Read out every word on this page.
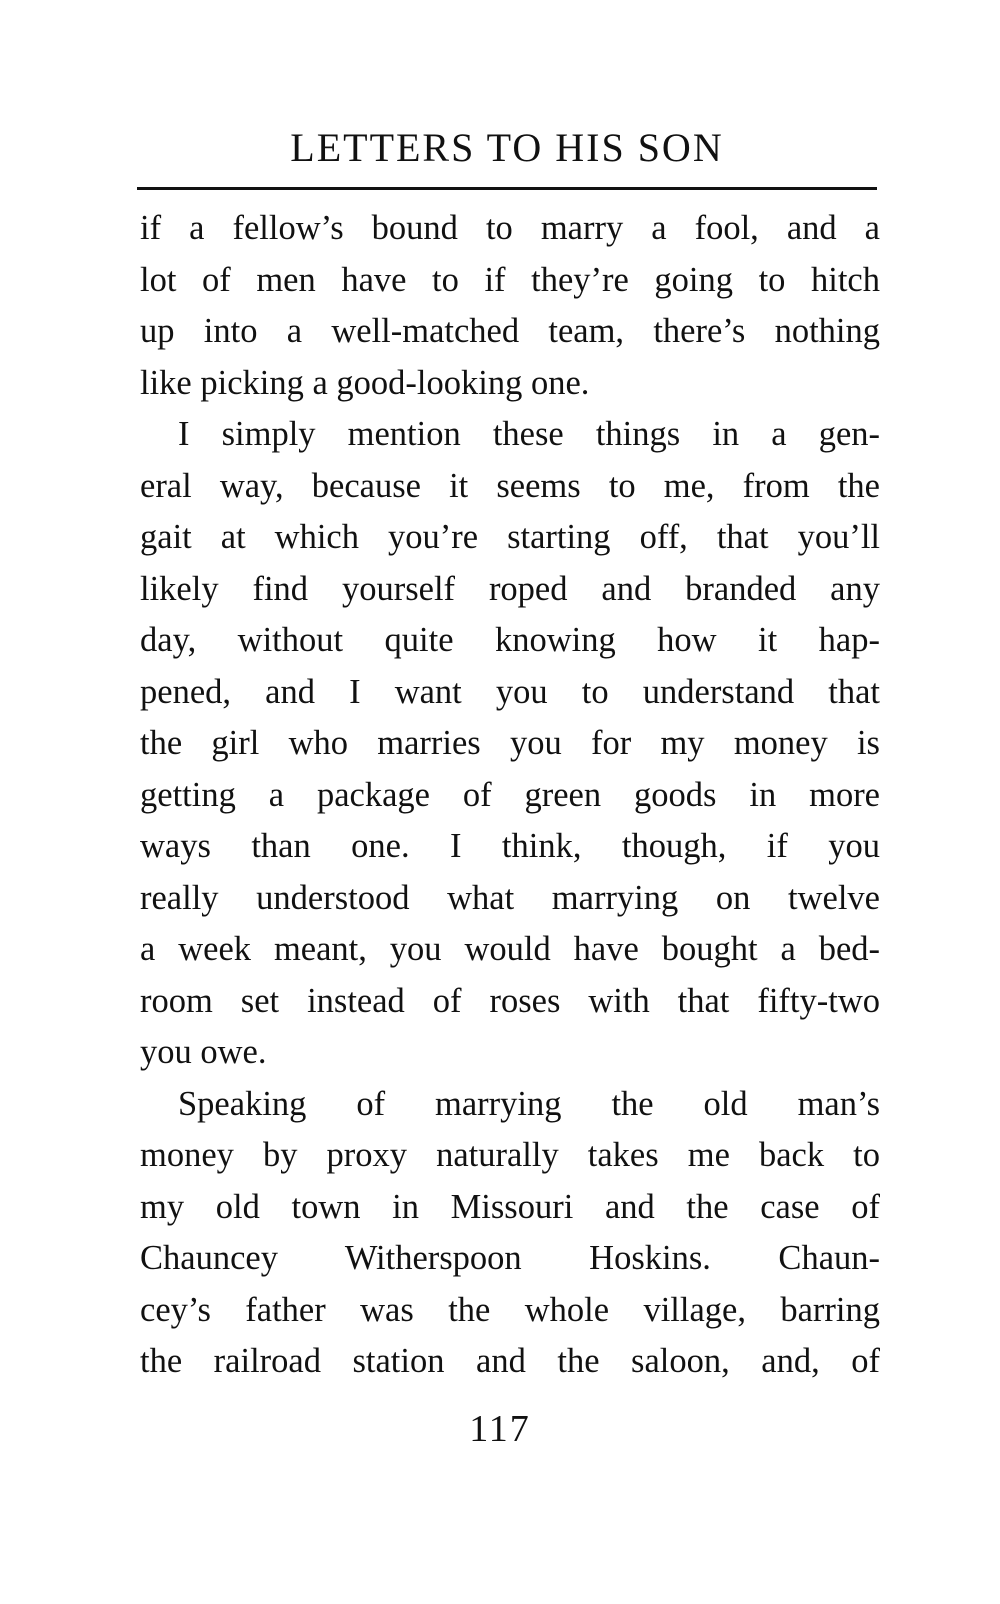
LETTERS TO HIS SON
if a fellow’s bound to marry a fool, and a
lot of men have to if they’re going to hitch
up into a well-matched team, there’s nothing
like picking a good-looking one.
I simply mention these things in a gen-
eral way, because it seems to me, from the
gait at which you’re starting off, that you’ll
likely find yourself roped and branded any
day, without quite knowing how it hap-
pened, and I want you to understand that
the girl who marries you for my money is
getting a package of green goods in more
ways than one. I think, though, if you
really understood what marrying on twelve
a week meant, you would have bought a bed-
room set instead of roses with that fifty-two
you owe.
Speaking of marrying the old man’s
money by proxy naturally takes me back to
my old town in Missouri and the case of
Chauncey Witherspoon Hoskins. Chaun-
cey’s father was the whole village, barring
the railroad station and the saloon, and, of
117
